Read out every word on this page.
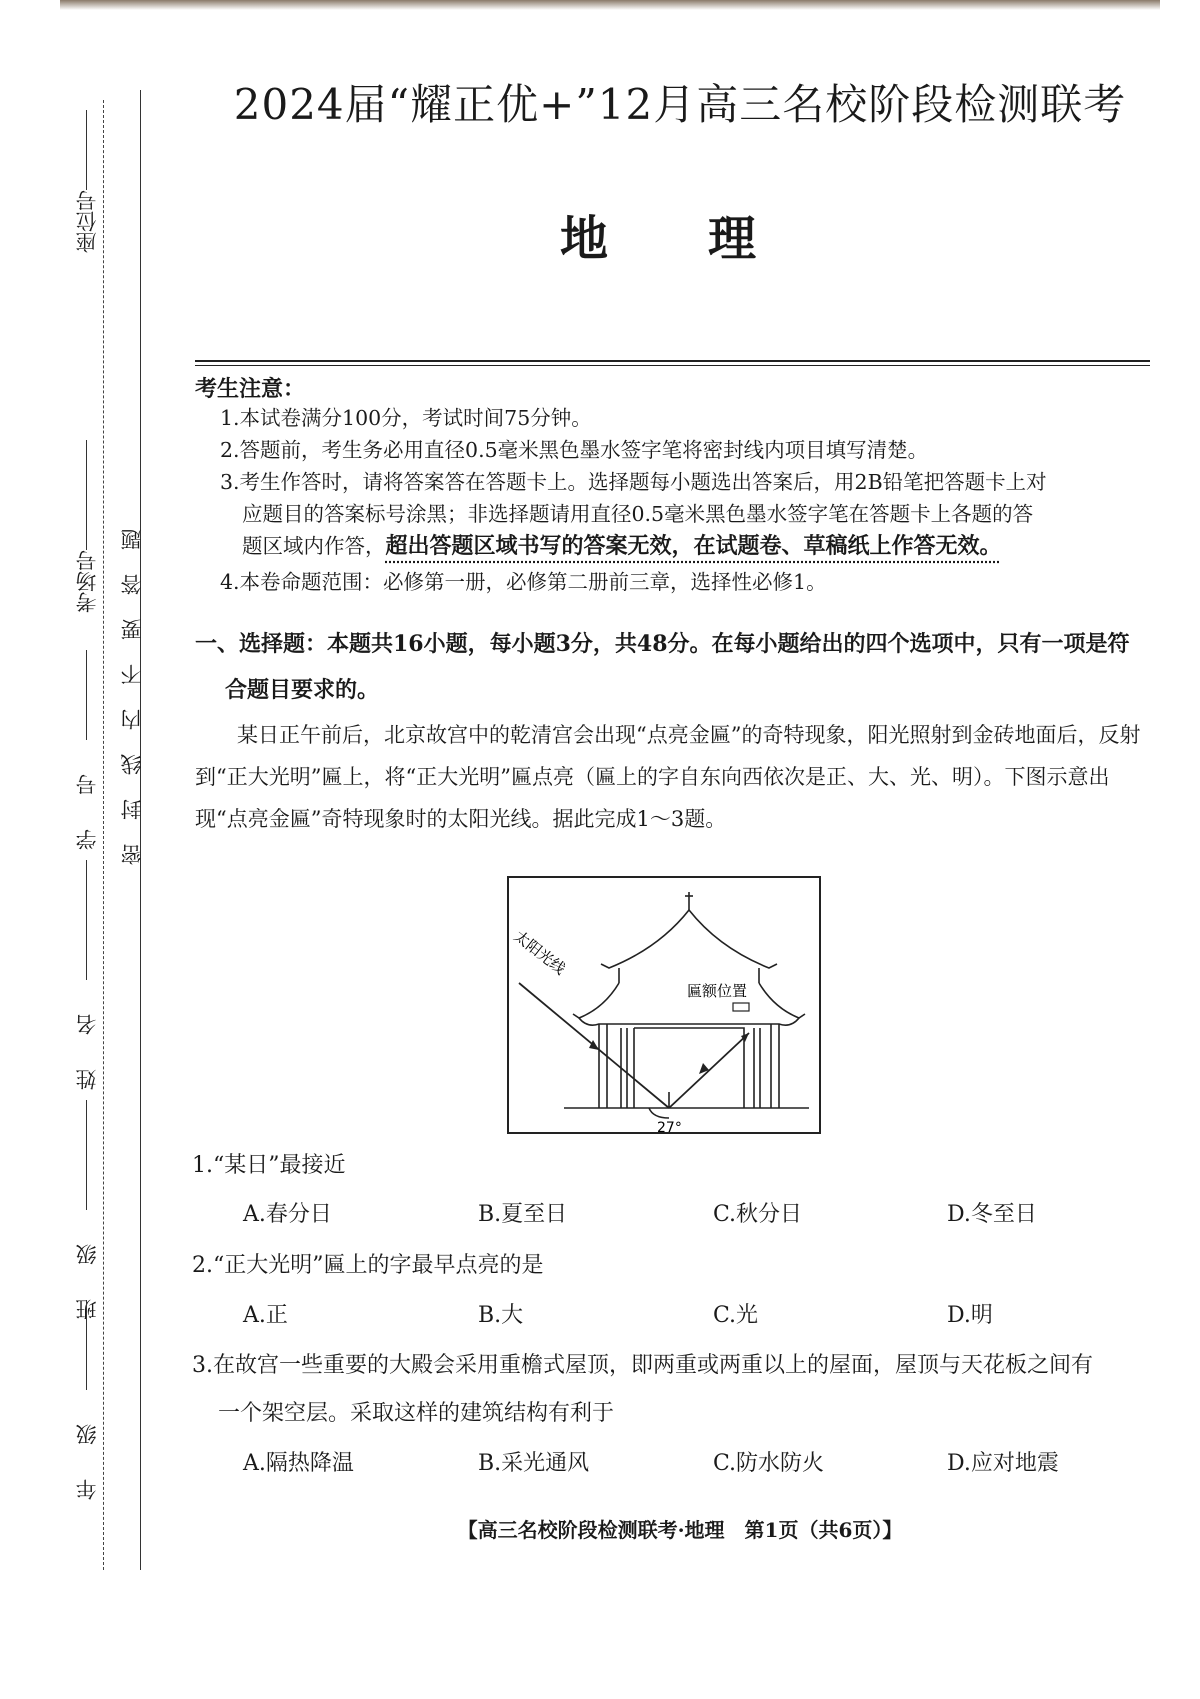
座位号
考场号
学号
姓名
班级
年级
密封线内不要答题
2024届“耀正优+”12月高三名校阶段检测联考
地理
考生注意：
1.本试卷满分100分，考试时间75分钟。
2.答题前，考生务必用直径0.5毫米黑色墨水签字笔将密封线内项目填写清楚。
3.考生作答时，请将答案答在答题卡上。选择题每小题选出答案后，用2B铅笔把答题卡上对
应题目的答案标号涂黑；非选择题请用直径0.5毫米黑色墨水签字笔在答题卡上各题的答
题区域内作答，超出答题区域书写的答案无效，在试题卷、草稿纸上作答无效。
4.本卷命题范围：必修第一册，必修第二册前三章，选择性必修1。
一、选择题：本题共16小题，每小题3分，共48分。在每小题给出的四个选项中，只有一项是符
合题目要求的。
某日正午前后，北京故宫中的乾清宫会出现“点亮金匾”的奇特现象，阳光照射到金砖地面后，反射到“正大光明”匾上，将“正大光明”匾点亮（匾上的字自东向西依次是正、大、光、明）。下图示意出现“点亮金匾”奇特现象时的太阳光线。据此完成1～3题。
太阳光线
匾额位置
27°
1.“某日”最接近
A.春分日	B.夏至日	C.秋分日	D.冬至日
2.“正大光明”匾上的字最早点亮的是
A.正	B.大	C.光	D.明
3.在故宫一些重要的大殿会采用重檐式屋顶，即两重或两重以上的屋面，屋顶与天花板之间有
一个架空层。采取这样的建筑结构有利于
A.隔热降温	B.采光通风	C.防水防火	D.应对地震
【高三名校阶段检测联考·地理　第1页（共6页）】
